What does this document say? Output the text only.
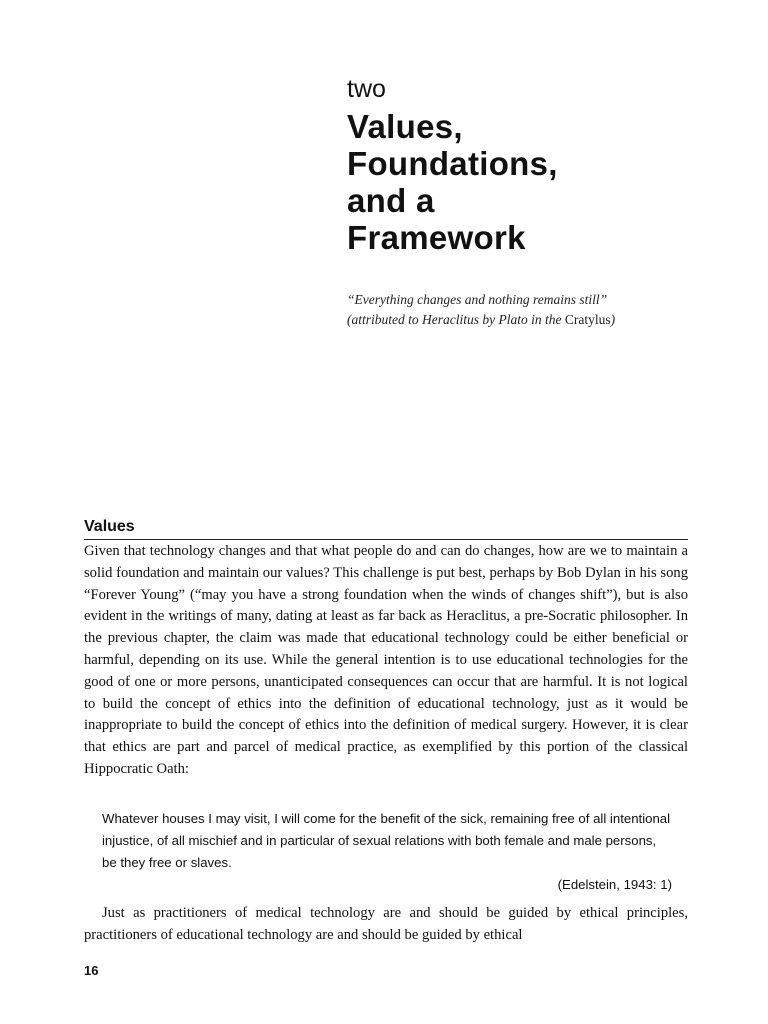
two
Values,
Foundations,
and a
Framework
“Everything changes and nothing remains still”
(attributed to Heraclitus by Plato in the Cratylus)
Values

Given that technology changes and that what people do and can do changes, how are we to maintain a solid foundation and maintain our values? This challenge is put best, perhaps by Bob Dylan in his song “Forever Young” (“may you have a strong foundation when the winds of changes shift”), but is also evident in the writings of many, dating at least as far back as Heraclitus, a pre-Socratic philosopher. In the previous chapter, the claim was made that educational technology could be either beneficial or harmful, depending on its use. While the general intention is to use educational technologies for the good of one or more persons, unanticipated consequences can occur that are harmful. It is not logical to build the concept of ethics into the definition of educational technology, just as it would be inappropriate to build the concept of ethics into the definition of medical surgery. However, it is clear that ethics are part and parcel of medical practice, as exemplified by this portion of the classical Hippocratic Oath:

Whatever houses I may visit, I will come for the benefit of the sick, remaining free of all intentional injustice, of all mischief and in particular of sexual relations with both female and male persons, be they free or slaves.

(Edelstein, 1943: 1)

Just as practitioners of medical technology are and should be guided by ethical principles, practitioners of educational technology are and should be guided by ethical

16
